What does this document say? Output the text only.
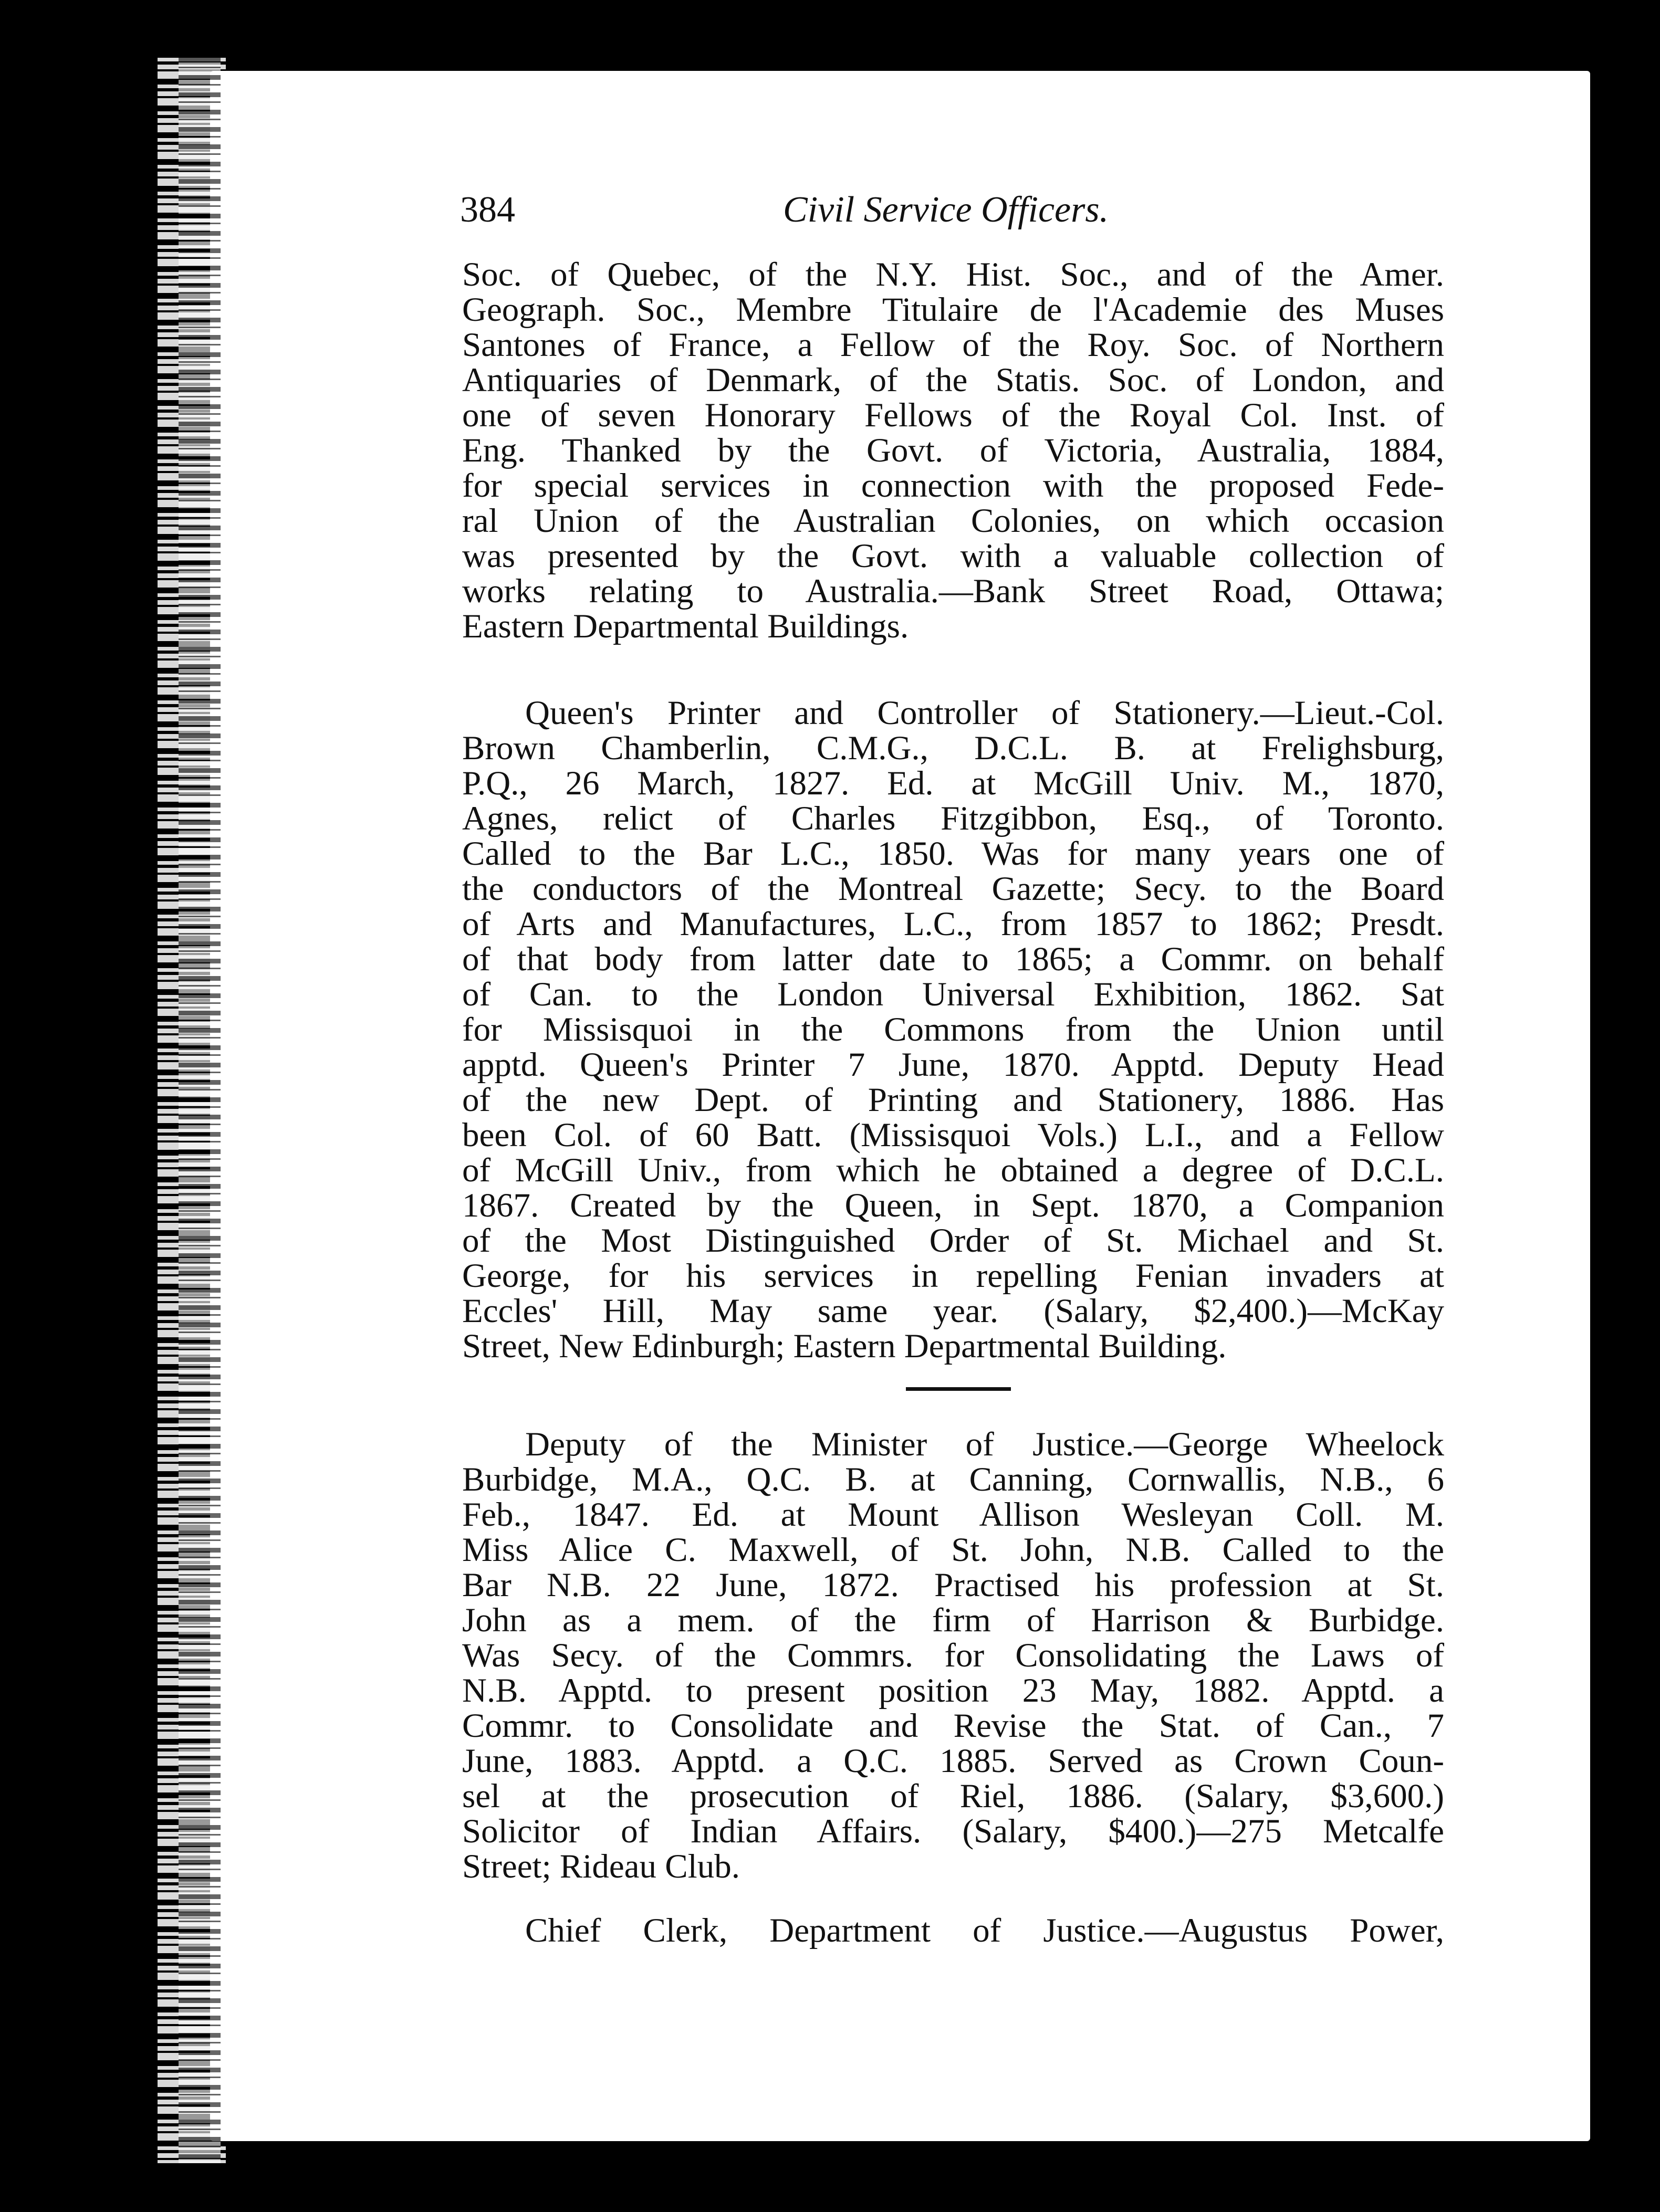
384	Civil Service Officers.
Soc. of Quebec, of the N.Y. Hist. Soc., and of the Amer.
Geograph. Soc., Membre Titulaire de l'Academie des Muses
Santones of France, a Fellow of the Roy. Soc. of Northern
Antiquaries of Denmark, of the Statis. Soc. of London, and
one of seven Honorary Fellows of the Royal Col. Inst. of
Eng. Thanked by the Govt. of Victoria, Australia, 1884,
for special services in connection with the proposed Fede-
ral Union of the Australian Colonies, on which occasion
was presented by the Govt. with a valuable collection of
works relating to Australia.—Bank Street Road, Ottawa;
Eastern Departmental Buildings.
Queen's Printer and Controller of Stationery.—Lieut.-Col.
Brown Chamberlin, C.M.G., D.C.L. B. at Frelighsburg,
P.Q., 26 March, 1827. Ed. at McGill Univ. M., 1870,
Agnes, relict of Charles Fitzgibbon, Esq., of Toronto.
Called to the Bar L.C., 1850. Was for many years one of
the conductors of the Montreal Gazette; Secy. to the Board
of Arts and Manufactures, L.C., from 1857 to 1862; Presdt.
of that body from latter date to 1865; a Commr. on behalf
of Can. to the London Universal Exhibition, 1862. Sat
for Missisquoi in the Commons from the Union until
apptd. Queen's Printer 7 June, 1870. Apptd. Deputy Head
of the new Dept. of Printing and Stationery, 1886. Has
been Col. of 60 Batt. (Missisquoi Vols.) L.I., and a Fellow
of McGill Univ., from which he obtained a degree of D.C.L.
1867. Created by the Queen, in Sept. 1870, a Companion
of the Most Distinguished Order of St. Michael and St.
George, for his services in repelling Fenian invaders at
Eccles' Hill, May same year. (Salary, $2,400.)—McKay
Street, New Edinburgh; Eastern Departmental Building.
Deputy of the Minister of Justice.—George Wheelock
Burbidge, M.A., Q.C. B. at Canning, Cornwallis, N.B., 6
Feb., 1847. Ed. at Mount Allison Wesleyan Coll. M.
Miss Alice C. Maxwell, of St. John, N.B. Called to the
Bar N.B. 22 June, 1872. Practised his profession at St.
John as a mem. of the firm of Harrison & Burbidge.
Was Secy. of the Commrs. for Consolidating the Laws of
N.B. Apptd. to present position 23 May, 1882. Apptd. a
Commr. to Consolidate and Revise the Stat. of Can., 7
June, 1883. Apptd. a Q.C. 1885. Served as Crown Coun-
sel at the prosecution of Riel, 1886. (Salary, $3,600.)
Solicitor of Indian Affairs. (Salary, $400.)—275 Metcalfe
Street; Rideau Club.
Chief Clerk, Department of Justice.—Augustus Power,
